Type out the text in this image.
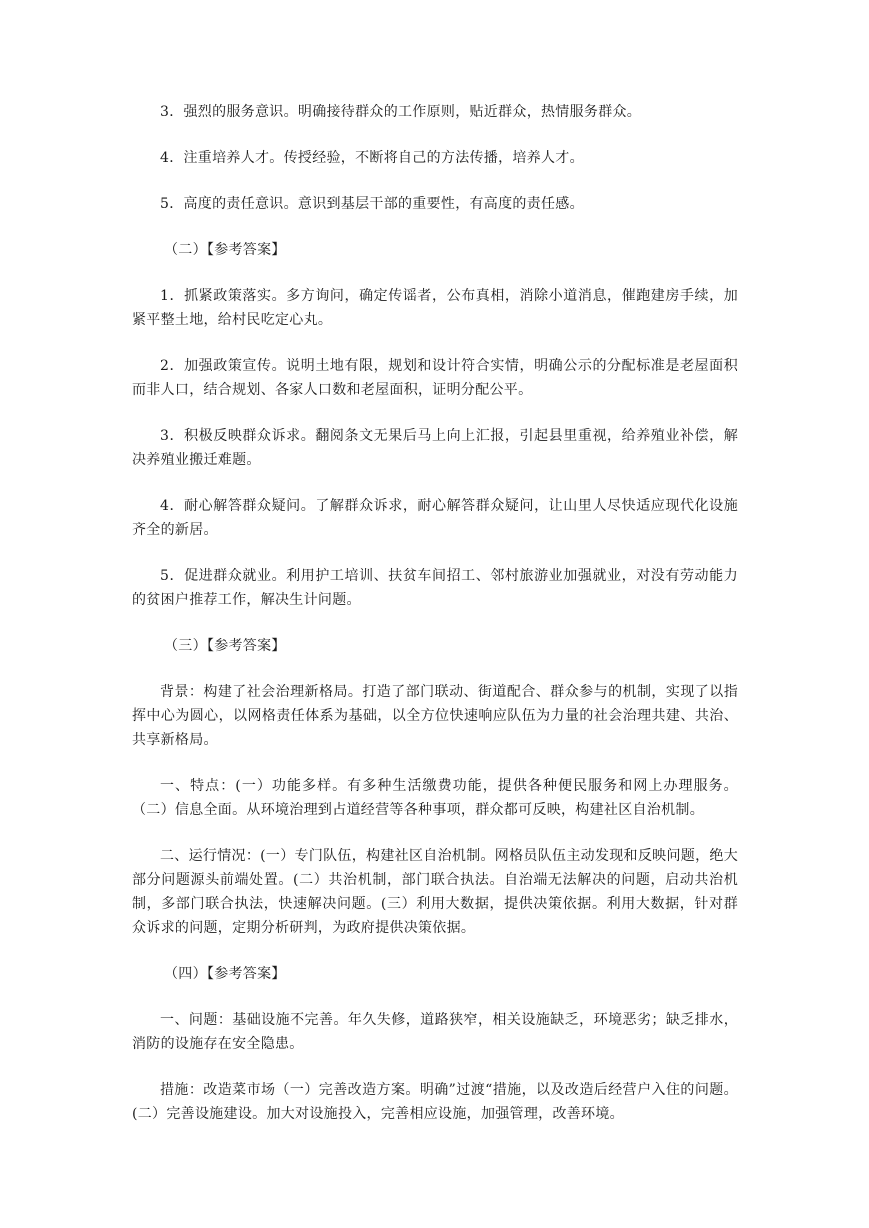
3．强烈的服务意识。明确接待群众的工作原则，贴近群众，热情服务群众。

4．注重培养人才。传授经验，不断将自己的方法传播，培养人才。

5．高度的责任意识。意识到基层干部的重要性，有高度的责任感。

（二）【参考答案】

1．抓紧政策落实。多方询问，确定传谣者，公布真相，消除小道消息，催跑建房手续，加紧平整土地，给村民吃定心丸。

2．加强政策宣传。说明土地有限，规划和设计符合实情，明确公示的分配标准是老屋面积而非人口，结合规划、各家人口数和老屋面积，证明分配公平。

3．积极反映群众诉求。翻阅条文无果后马上向上汇报，引起县里重视，给养殖业补偿，解决养殖业搬迁难题。

4．耐心解答群众疑问。了解群众诉求，耐心解答群众疑问，让山里人尽快适应现代化设施齐全的新居。

5．促进群众就业。利用护工培训、扶贫车间招工、邻村旅游业加强就业，对没有劳动能力的贫困户推荐工作，解决生计问题。

（三）【参考答案】

背景：构建了社会治理新格局。打造了部门联动、街道配合、群众参与的机制，实现了以指挥中心为圆心，以网格责任体系为基础，以全方位快速响应队伍为力量的社会治理共建、共治、共享新格局。

一、特点：(一）功能多样。有多种生活缴费功能，提供各种便民服务和网上办理服务。（二）信息全面。从环境治理到占道经营等各种事项，群众都可反映，构建社区自治机制。

二、运行情况：(一）专门队伍，构建社区自治机制。网格员队伍主动发现和反映问题，绝大部分问题源头前端处置。(二）共治机制，部门联合执法。自治端无法解决的问题，启动共治机制，多部门联合执法，快速解决问题。(三）利用大数据，提供决策依据。利用大数据，针对群众诉求的问题，定期分析研判，为政府提供决策依据。

（四）【参考答案】

一、问题：基础设施不完善。年久失修，道路狭窄，相关设施缺乏，环境恶劣；缺乏排水，消防的设施存在安全隐患。

措施：改造菜市场（一）完善改造方案。明确”过渡“措施，以及改造后经营户入住的问题。(二）完善设施建设。加大对设施投入，完善相应设施，加强管理，改善环境。
